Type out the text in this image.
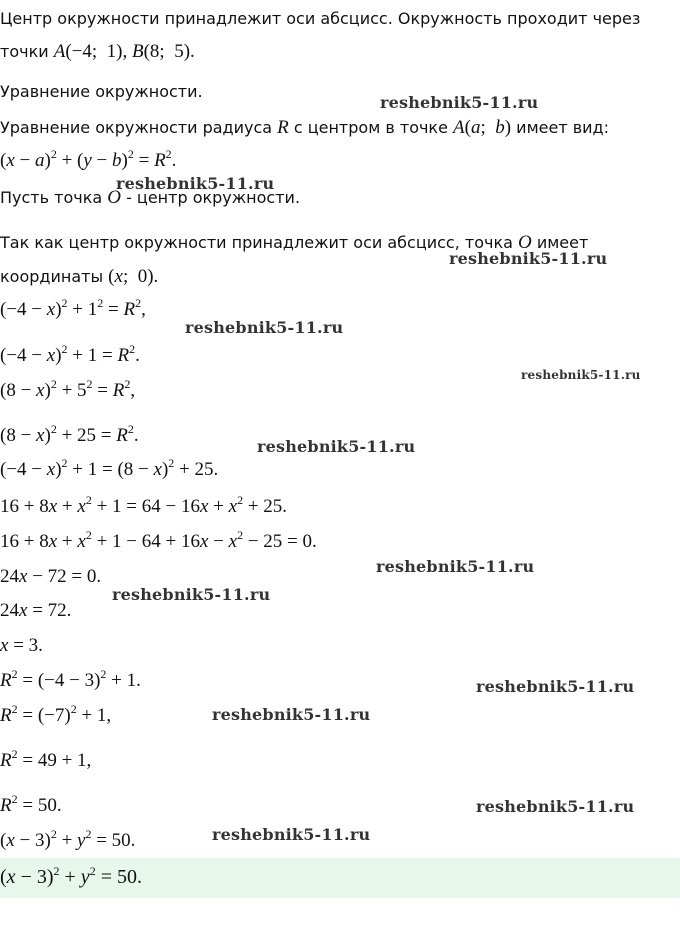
Центр окружности принадлежит оси абсцисс. Окружность проходит через
точки A(−4;  1), B(8;  5).
Уравнение окружности.
Уравнение окружности радиуса R с центром в точке A(a;  b) имеет вид:
$(x - a)^2 + (y - b)^2 = R^2$.
Пусть точка O - центр окружности.
Так как центр окружности принадлежит оси абсцисс, точка O имеет
координаты (x;  0).
$(-4 - x)^2 + 1^2 = R^2$,
$(-4 - x)^2 + 1 = R^2$.
$(8 - x)^2 + 5^2 = R^2$,
$(8 - x)^2 + 25 = R^2$.
$(-4 - x)^2 + 1 = (8 - x)^2 + 25$.
$16 + 8x + x^2 + 1 = 64 - 16x + x^2 + 25$.
$16 + 8x + x^2 + 1 - 64 + 16x - x^2 - 25 = 0$.
24x − 72 = 0.
24x = 72.
x = 3.
$R^2 = (-4 - 3)^2 + 1$.
$R^2 = (-7)^2 + 1$,
$R^2 = 49 + 1$,
$R^2 = 50$.
$(x - 3)^2 + y^2 = 50$.
$(x - 3)^2 + y^2 = 50$.
reshebnik5-11.ru
reshebnik5-11.ru
reshebnik5-11.ru
reshebnik5-11.ru
reshebnik5-11.ru
reshebnik5-11.ru
reshebnik5-11.ru
reshebnik5-11.ru
reshebnik5-11.ru
reshebnik5-11.ru
reshebnik5-11.ru
reshebnik5-11.ru
